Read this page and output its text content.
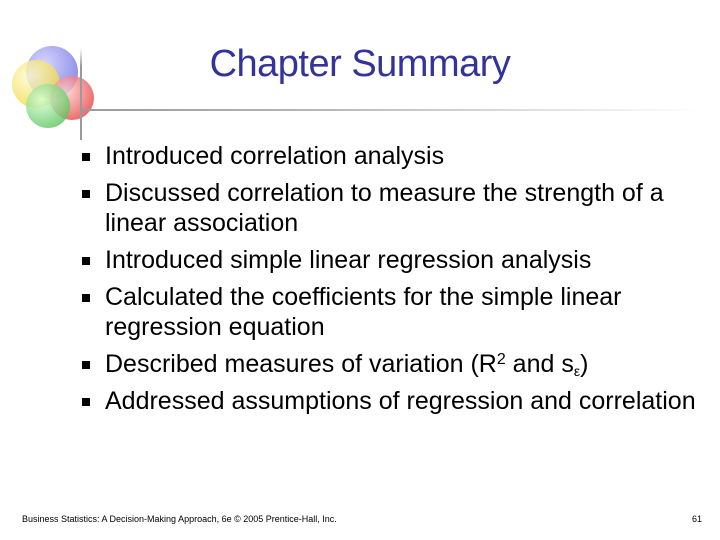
Chapter Summary
Introduced correlation analysis
Discussed correlation to measure the strength of a linear association
Introduced simple linear regression analysis
Calculated the coefficients for the simple linear regression equation
Described measures of variation ($R^2$ and $s_\varepsilon$)
Addressed assumptions of regression and correlation
Business Statistics: A Decision-Making Approach, 6e © 2005 Prentice-Hall, Inc.	61
